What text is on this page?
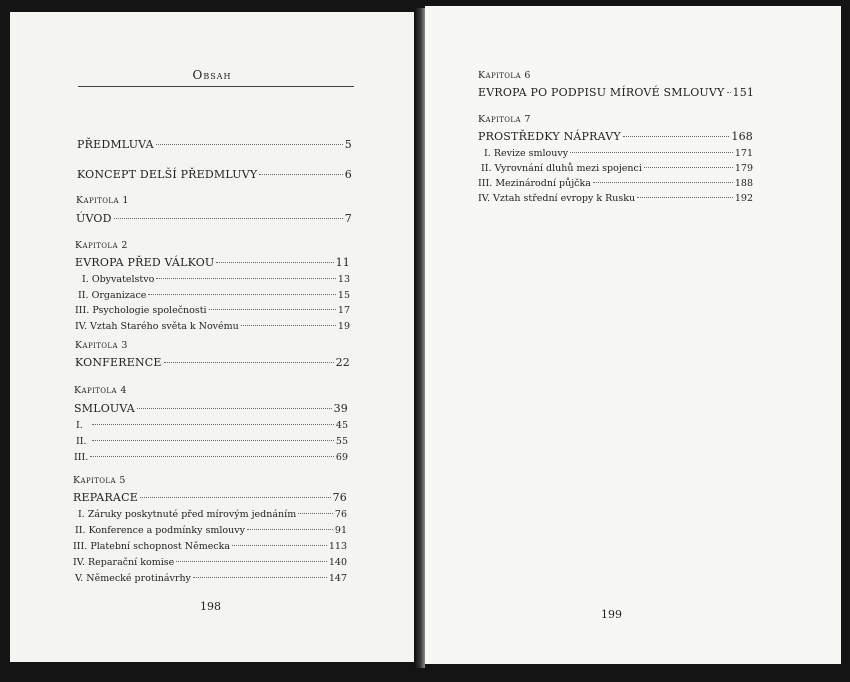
Obsah
PŘEDMLUVA	5
KONCEPT DELŠÍ PŘEDMLUVY	6
Kapitola 1
ÚVOD	7
Kapitola 2
EVROPA PŘED VÁLKOU	11
I. Obyvatelstvo	13
II. Organizace	15
III. Psychologie společnosti	17
IV. Vztah Starého světa k Novému	19
Kapitola 3
KONFERENCE	22
Kapitola 4
SMLOUVA	39
I.	45
II.	55
III.	69
Kapitola 5
REPARACE	76
I. Záruky poskytnuté před mírovým jednáním	76
II. Konference a podmínky smlouvy	91
III. Platební schopnost Německa	113
IV. Reparační komise	140
V. Německé protinávrhy	147
198
Kapitola 6
EVROPA PO PODPISU MÍROVÉ SMLOUVY 151
Kapitola 7
PROSTŘEDKY NÁPRAVY	168
I. Revize smlouvy	171
II. Vyrovnání dluhů mezi spojenci	179
III. Mezinárodní půjčka	188
IV. Vztah střední evropy k Rusku	192
199
